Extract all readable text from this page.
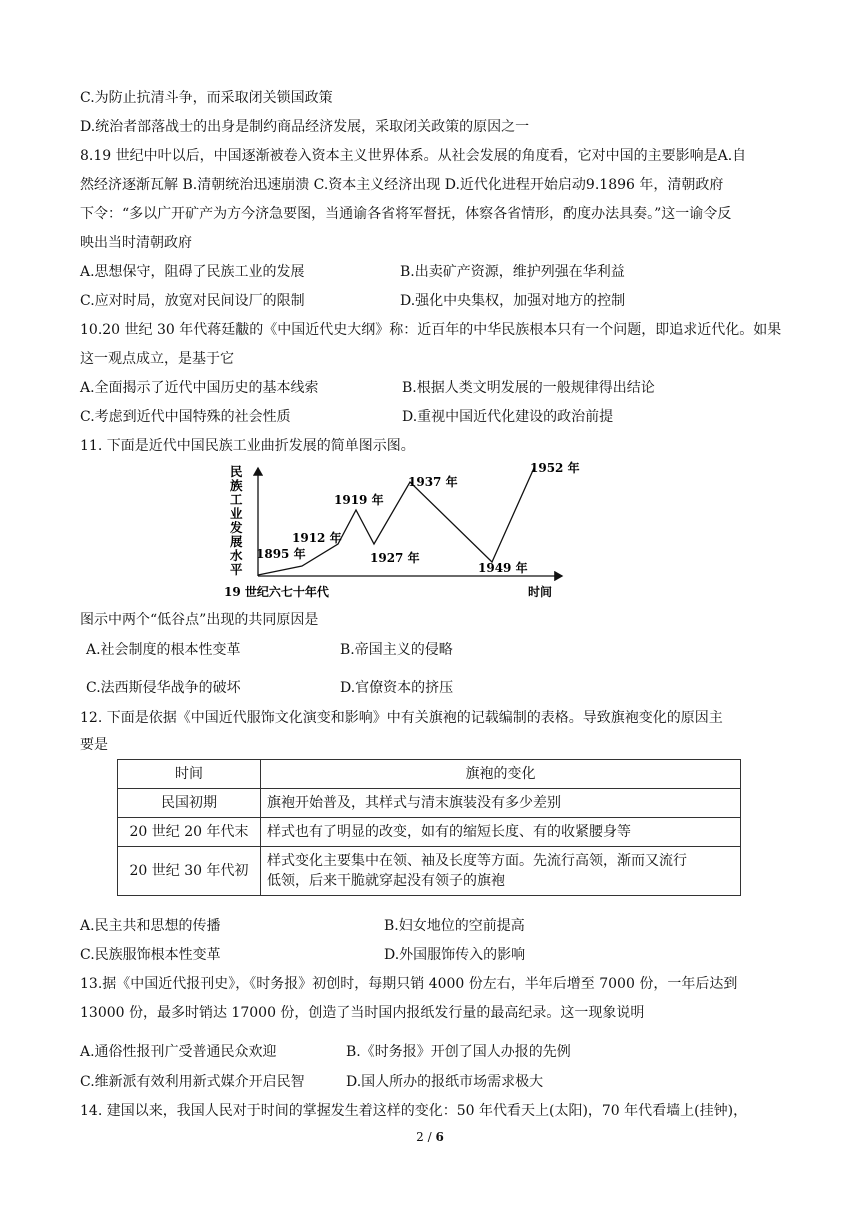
C.为防止抗清斗争，而采取闭关锁国政策
D.统治者部落战士的出身是制约商品经济发展，采取闭关政策的原因之一
8.19 世纪中叶以后，中国逐渐被卷入资本主义世界体系。从社会发展的角度看，它对中国的主要影响是A.自
然经济逐渐瓦解 B.清朝统治迅速崩溃 C.资本主义经济出现 D.近代化进程开始启动9.1896 年，清朝政府
下令：“多以广开矿产为方今济急要图，当通谕各省将军督抚，体察各省情形，酌度办法具奏。”这一谕令反
映出当时清朝政府
A.思想保守，阻碍了民族工业的发展	B.出卖矿产资源，维护列强在华利益
C.应对时局，放宽对民间设厂的限制	D.强化中央集权，加强对地方的控制
10.20 世纪 30 年代蒋廷黻的《中国近代史大纲》称：近百年的中华民族根本只有一个问题，即追求近代化。如果
这一观点成立，是基于它
A.全面揭示了近代中国历史的基本线索	B.根据人类文明发展的一般规律得出结论
C.考虑到近代中国特殊的社会性质	D.重视中国近代化建设的政治前提
11. 下面是近代中国民族工业曲折发展的简单图示图。
民族工业发展水平
19 世纪六七十年代	时间
1895 年
1912 年
1919 年
1927 年
1937 年
1949 年
1952 年
图示中两个“低谷点”出现的共同原因是
A.社会制度的根本性变革	B.帝国主义的侵略
C.法西斯侵华战争的破坏	D.官僚资本的挤压
12. 下面是依据《中国近代服饰文化演变和影响》中有关旗袍的记载编制的表格。导致旗袍变化的原因主
要是
时间	旗袍的变化
民国初期	旗袍开始普及，其样式与清末旗装没有多少差别
20 世纪 20 年代末	样式也有了明显的改变，如有的缩短长度、有的收紧腰身等
20 世纪 30 年代初	样式变化主要集中在领、袖及长度等方面。先流行高领，渐而又流行
低领，后来干脆就穿起没有领子的旗袍
A.民主共和思想的传播	B.妇女地位的空前提高
C.民族服饰根本性变革	D.外国服饰传入的影响
13.据《中国近代报刊史》，《时务报》初创时，每期只销 4000 份左右，半年后增至 7000 份，一年后达到
13000 份，最多时销达 17000 份，创造了当时国内报纸发行量的最高纪录。这一现象说明
A.通俗性报刊广受普通民众欢迎	B.《时务报》开创了国人办报的先例
C.维新派有效利用新式媒介开启民智	D.国人所办的报纸市场需求极大
14. 建国以来，我国人民对于时间的掌握发生着这样的变化：50 年代看天上(太阳)，70 年代看墙上(挂钟)，
2 / 6
